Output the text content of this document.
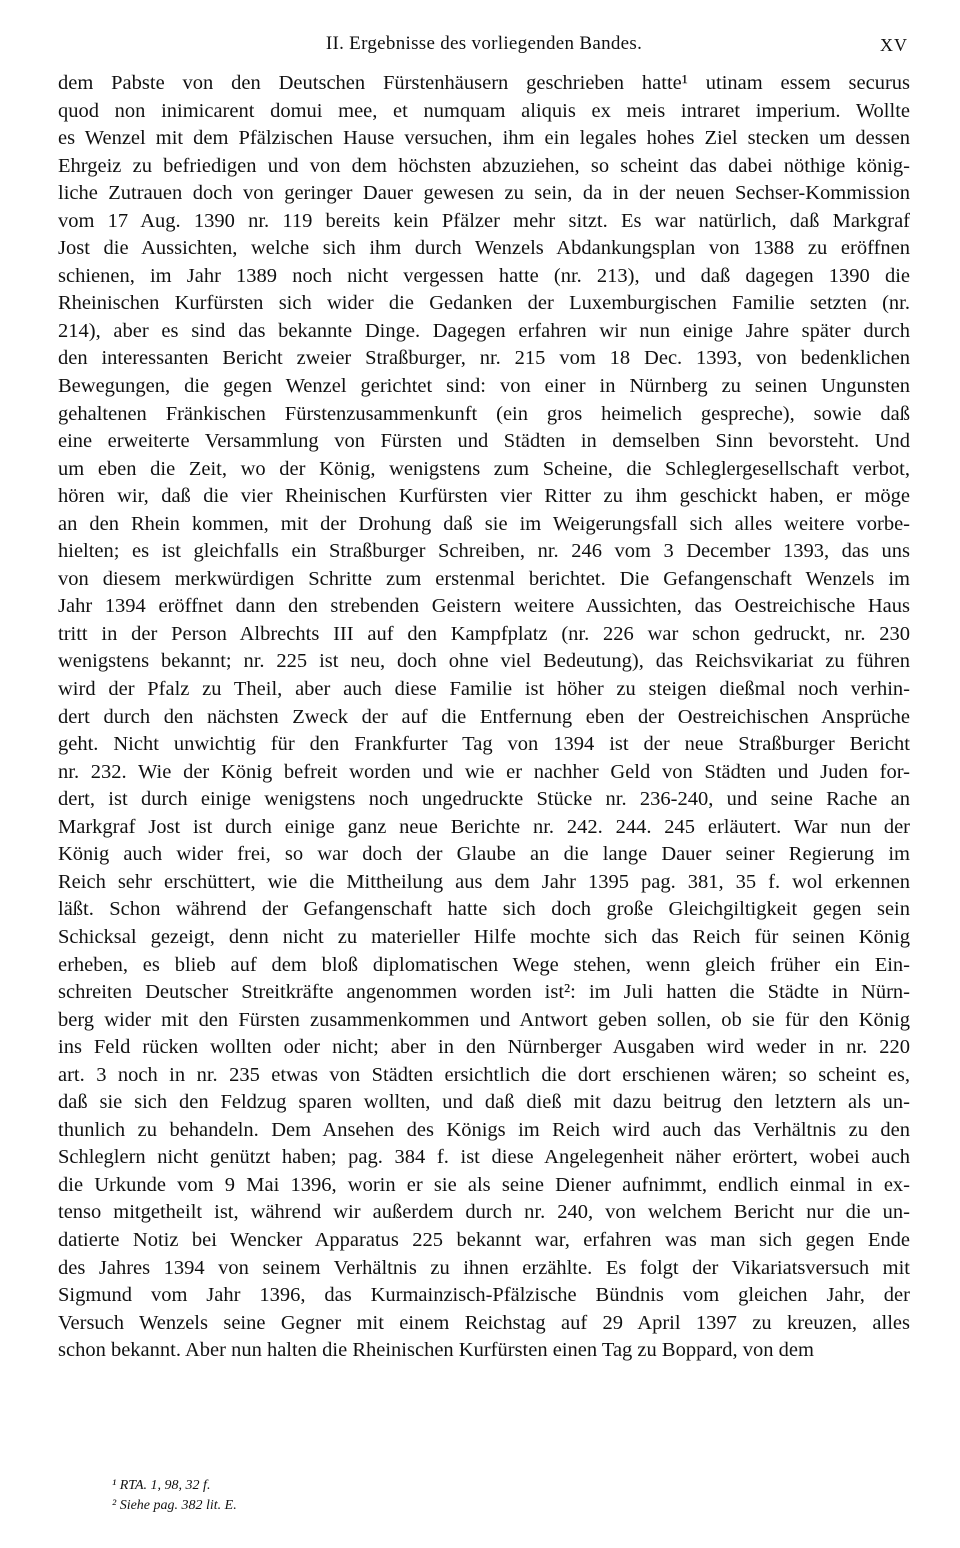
II. Ergebnisse des vorliegenden Bandes.	XV
dem Pabste von den Deutschen Fürstenhäusern geschrieben hatte¹ utinam essem securus
quod non inimicarent domui mee, et numquam aliquis ex meis intraret imperium. Wollte
es Wenzel mit dem Pfälzischen Hause versuchen, ihm ein legales hohes Ziel stecken um dessen
Ehrgeiz zu befriedigen und von dem höchsten abzuziehen, so scheint das dabei nöthige könig-
liche Zutrauen doch von geringer Dauer gewesen zu sein, da in der neuen Sechser-Kommission
vom 17 Aug. 1390 nr. 119 bereits kein Pfälzer mehr sitzt. Es war natürlich, daß Markgraf
Jost die Aussichten, welche sich ihm durch Wenzels Abdankungsplan von 1388 zu eröffnen
schienen, im Jahr 1389 noch nicht vergessen hatte (nr. 213), und daß dagegen 1390 die
Rheinischen Kurfürsten sich wider die Gedanken der Luxemburgischen Familie setzten (nr.
214), aber es sind das bekannte Dinge. Dagegen erfahren wir nun einige Jahre später durch
den interessanten Bericht zweier Straßburger, nr. 215 vom 18 Dec. 1393, von bedenklichen
Bewegungen, die gegen Wenzel gerichtet sind: von einer in Nürnberg zu seinen Ungunsten
gehaltenen Fränkischen Fürstenzusammenkunft (ein gros heimelich gespreche), sowie daß
eine erweiterte Versammlung von Fürsten und Städten in demselben Sinn bevorsteht. Und
um eben die Zeit, wo der König, wenigstens zum Scheine, die Schleglergesellschaft verbot,
hören wir, daß die vier Rheinischen Kurfürsten vier Ritter zu ihm geschickt haben, er möge
an den Rhein kommen, mit der Drohung daß sie im Weigerungsfall sich alles weitere vorbe-
hielten; es ist gleichfalls ein Straßburger Schreiben, nr. 246 vom 3 December 1393, das uns
von diesem merkwürdigen Schritte zum erstenmal berichtet. Die Gefangenschaft Wenzels im
Jahr 1394 eröffnet dann den strebenden Geistern weitere Aussichten, das Oestreichische Haus
tritt in der Person Albrechts III auf den Kampfplatz (nr. 226 war schon gedruckt, nr. 230
wenigstens bekannt; nr. 225 ist neu, doch ohne viel Bedeutung), das Reichsvikariat zu führen
wird der Pfalz zu Theil, aber auch diese Familie ist höher zu steigen dießmal noch verhin-
dert durch den nächsten Zweck der auf die Entfernung eben der Oestreichischen Ansprüche
geht. Nicht unwichtig für den Frankfurter Tag von 1394 ist der neue Straßburger Bericht
nr. 232. Wie der König befreit worden und wie er nachher Geld von Städten und Juden for-
dert, ist durch einige wenigstens noch ungedruckte Stücke nr. 236-240, und seine Rache an
Markgraf Jost ist durch einige ganz neue Berichte nr. 242. 244. 245 erläutert. War nun der
König auch wider frei, so war doch der Glaube an die lange Dauer seiner Regierung im
Reich sehr erschüttert, wie die Mittheilung aus dem Jahr 1395 pag. 381, 35 f. wol erkennen
läßt. Schon während der Gefangenschaft hatte sich doch große Gleichgiltigkeit gegen sein
Schicksal gezeigt, denn nicht zu materieller Hilfe mochte sich das Reich für seinen König
erheben, es blieb auf dem bloß diplomatischen Wege stehen, wenn gleich früher ein Ein-
schreiten Deutscher Streitkräfte angenommen worden ist²: im Juli hatten die Städte in Nürn-
berg wider mit den Fürsten zusammenkommen und Antwort geben sollen, ob sie für den König
ins Feld rücken wollten oder nicht; aber in den Nürnberger Ausgaben wird weder in nr. 220
art. 3 noch in nr. 235 etwas von Städten ersichtlich die dort erschienen wären; so scheint es,
daß sie sich den Feldzug sparen wollten, und daß dieß mit dazu beitrug den letztern als un-
thunlich zu behandeln. Dem Ansehen des Königs im Reich wird auch das Verhältnis zu den
Schleglern nicht genützt haben; pag. 384 f. ist diese Angelegenheit näher erörtert, wobei auch
die Urkunde vom 9 Mai 1396, worin er sie als seine Diener aufnimmt, endlich einmal in ex-
tenso mitgetheilt ist, während wir außerdem durch nr. 240, von welchem Bericht nur die un-
datierte Notiz bei Wencker Apparatus 225 bekannt war, erfahren was man sich gegen Ende
des Jahres 1394 von seinem Verhältnis zu ihnen erzählte. Es folgt der Vikariatsversuch mit
Sigmund vom Jahr 1396, das Kurmainzisch-Pfälzische Bündnis vom gleichen Jahr, der
Versuch Wenzels seine Gegner mit einem Reichstag auf 29 April 1397 zu kreuzen, alles
schon bekannt. Aber nun halten die Rheinischen Kurfürsten einen Tag zu Boppard, von dem
¹ RTA. 1, 98, 32 f.
² Siehe pag. 382 lit. E.
